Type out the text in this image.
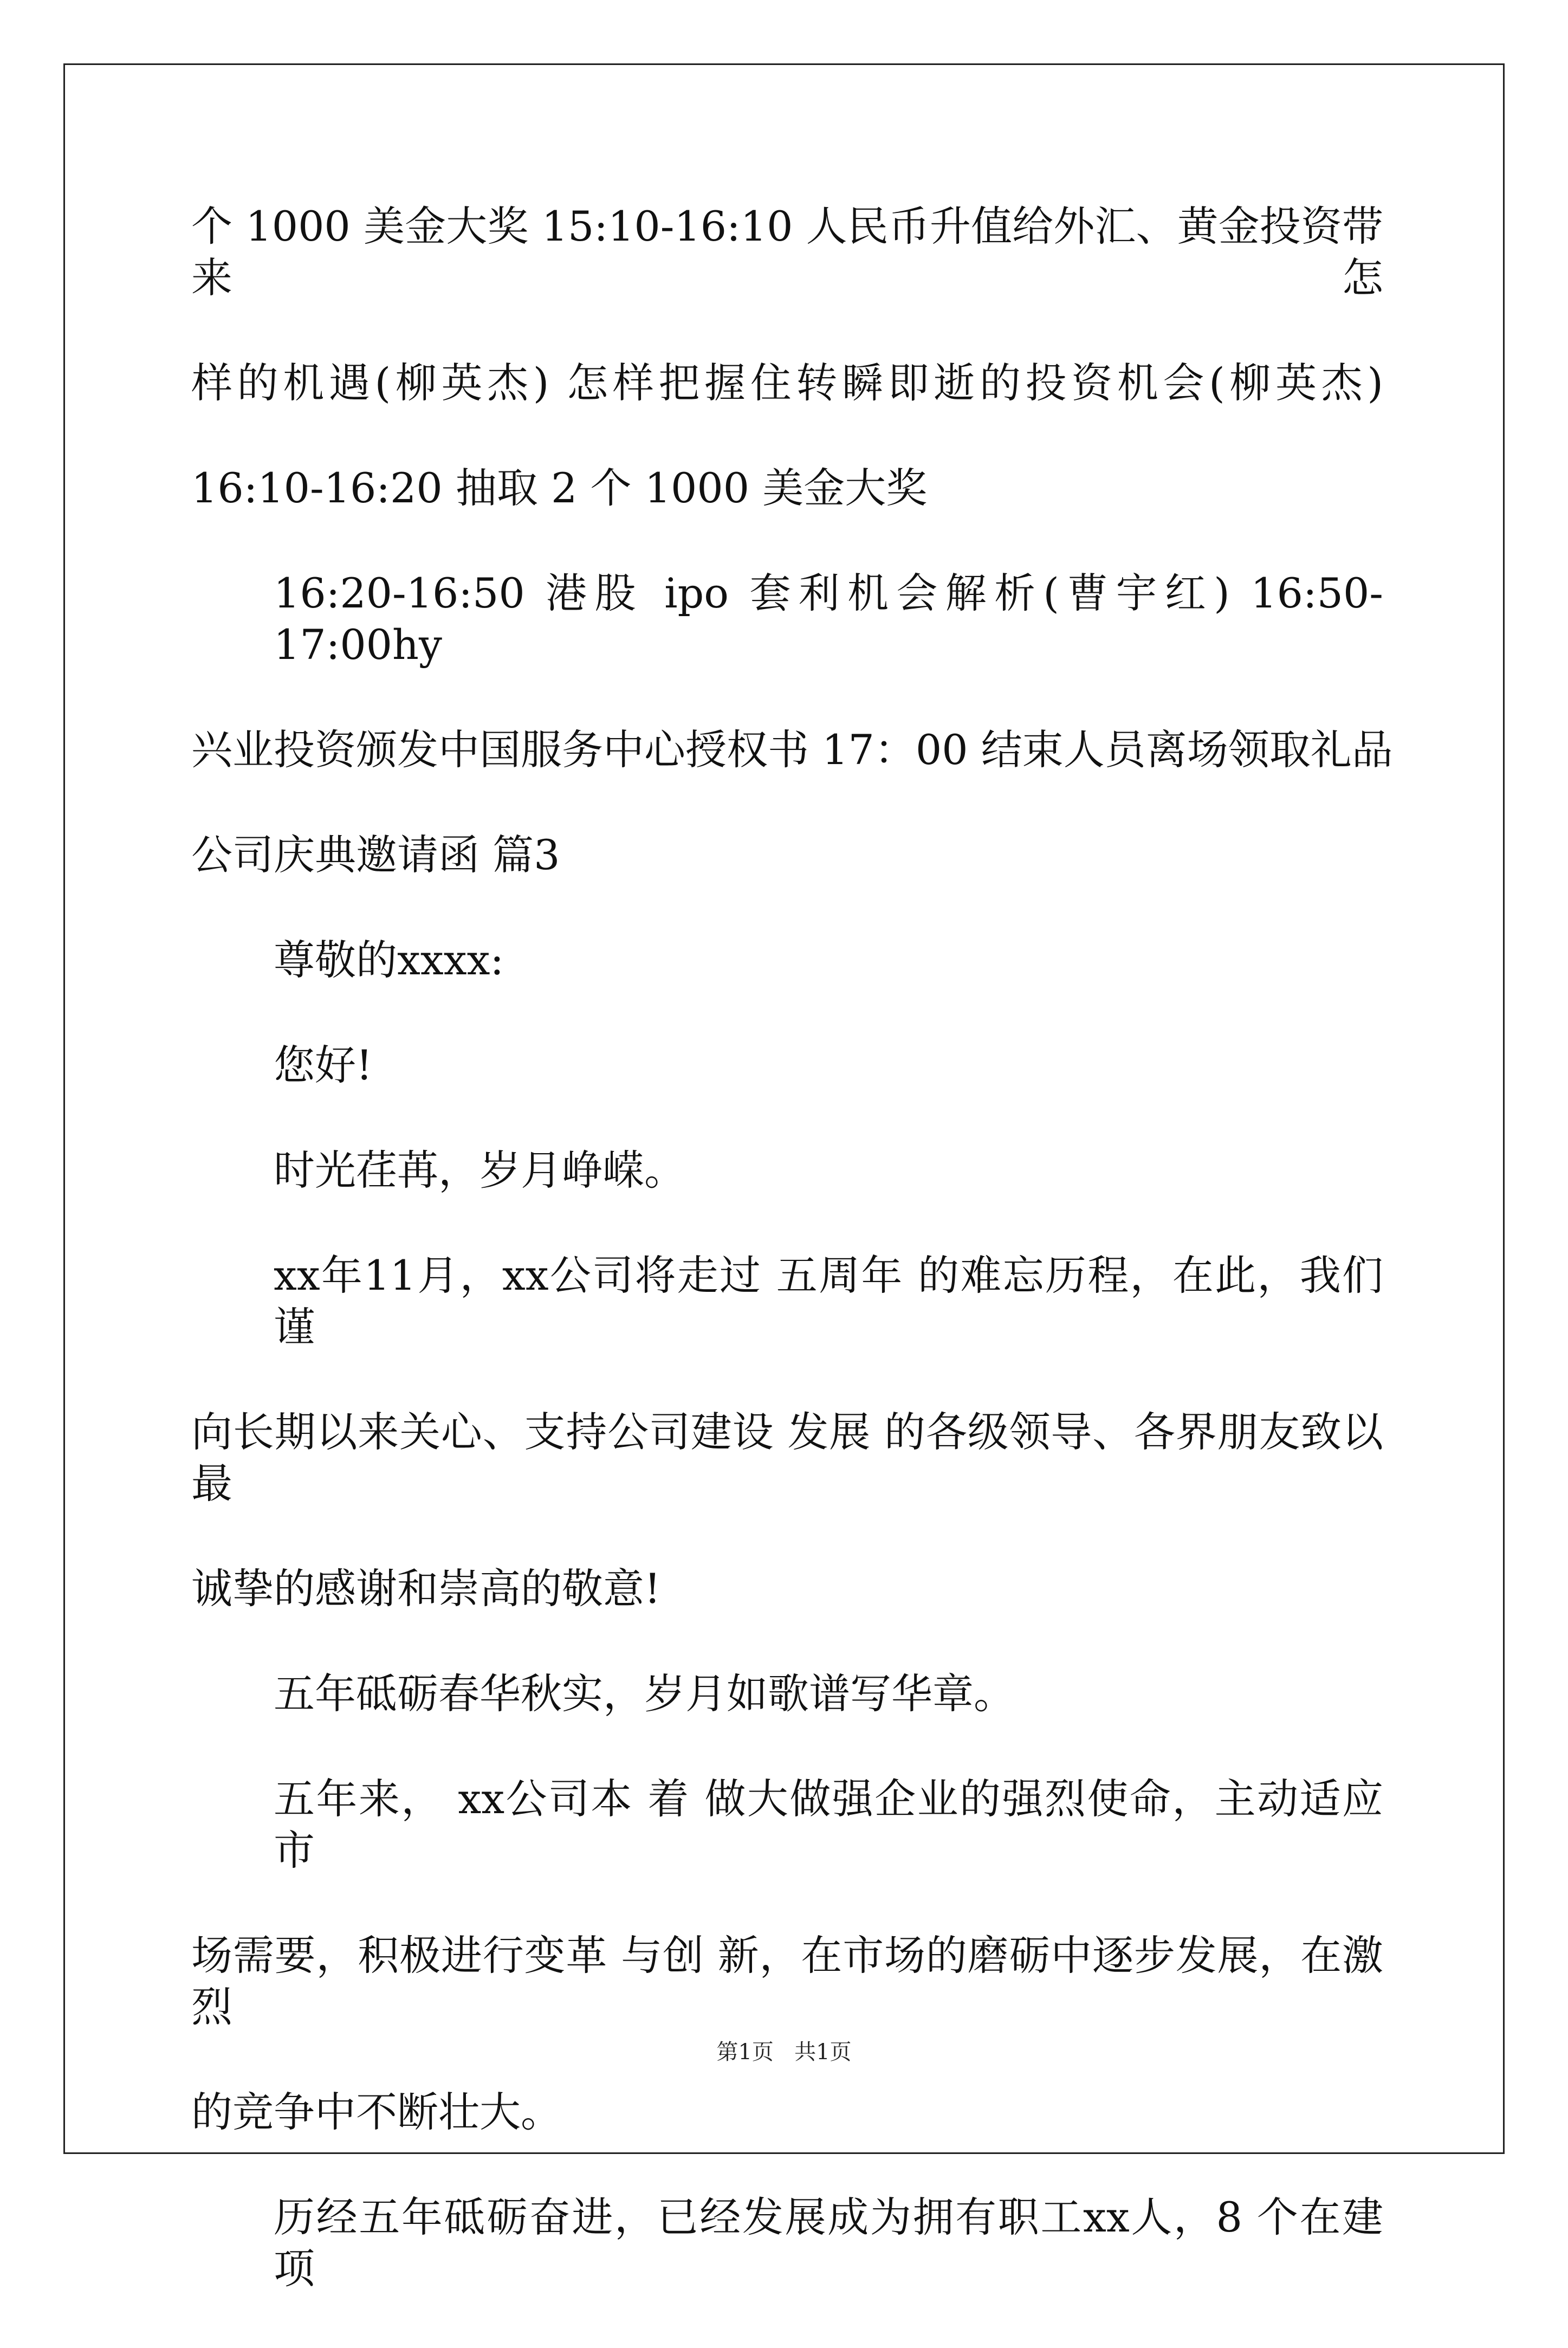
个 1000 美金大奖 15:10-16:10 人民币升值给外汇、黄金投资带来怎
样的机遇(柳英杰) 怎样把握住转瞬即逝的投资机会(柳英杰)
16:10-16:20 抽取 2 个 1000 美金大奖
16:20-16:50 港股 ipo 套利机会解析(曹宇红) 16:50-17:00hy
兴业投资颁发中国服务中心授权书 17：00 结束人员离场领取礼品
公司庆典邀请函 篇3
尊敬的xxxx:
您好!
时光荏苒，岁月峥嵘。
xx年11月，xx公司将走过 五周年 的难忘历程，在此，我们谨
向长期以来关心、支持公司建设 发展 的各级领导、各界朋友致以最
诚挚的感谢和崇高的敬意!
五年砥砺春华秋实，岁月如歌谱写华章。
五年来， xx公司本 着 做大做强企业的强烈使命，主动适应市
场需要，积极进行变革 与创 新，在市场的磨砺中逐步发展，在激烈
的竞争中不断壮大。
历经五年砥砺奋进，已经发展成为拥有职工xx人，8 个在建项
第1页 共1页
